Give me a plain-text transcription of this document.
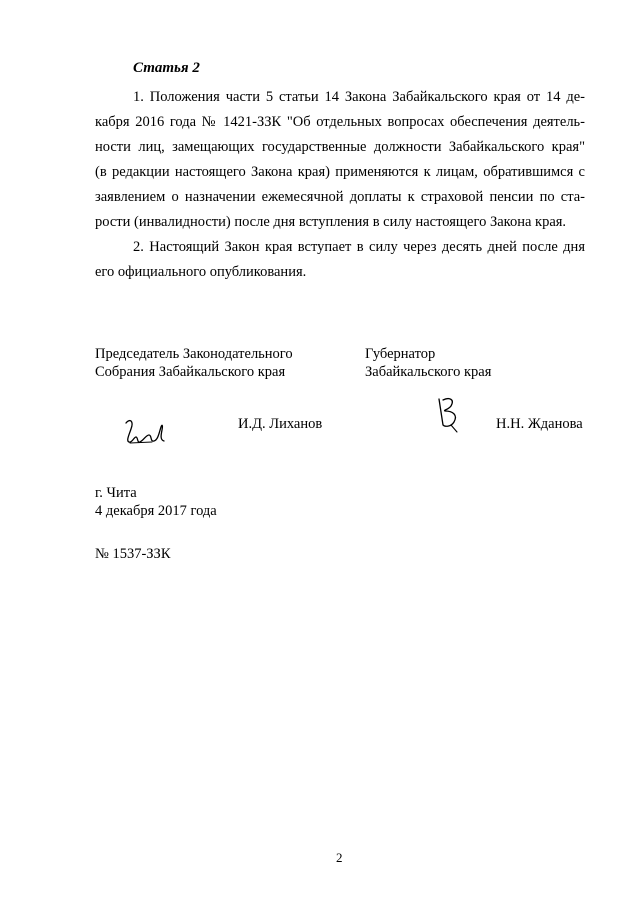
Статья 2
1. Положения части 5 статьи 14 Закона Забайкальского края от 14 де-
кабря 2016 года № 1421-ЗЗК "Об отдельных вопросах обеспечения деятель-
ности лиц, замещающих государственные должности Забайкальского края"
(в редакции настоящего Закона края) применяются к лицам, обратившимся с
заявлением о назначении ежемесячной доплаты к страховой пенсии по ста-
рости (инвалидности) после дня вступления в силу настоящего Закона края.
2. Настоящий Закон края вступает в силу через десять дней после дня
его официального опубликования.
Председатель Законодательного
Собрания Забайкальского края
И.Д. Лиханов
Губернатор
Забайкальского края
Н.Н. Жданова
г. Чита
4 декабря 2017 года
№ 1537-ЗЗК
2
